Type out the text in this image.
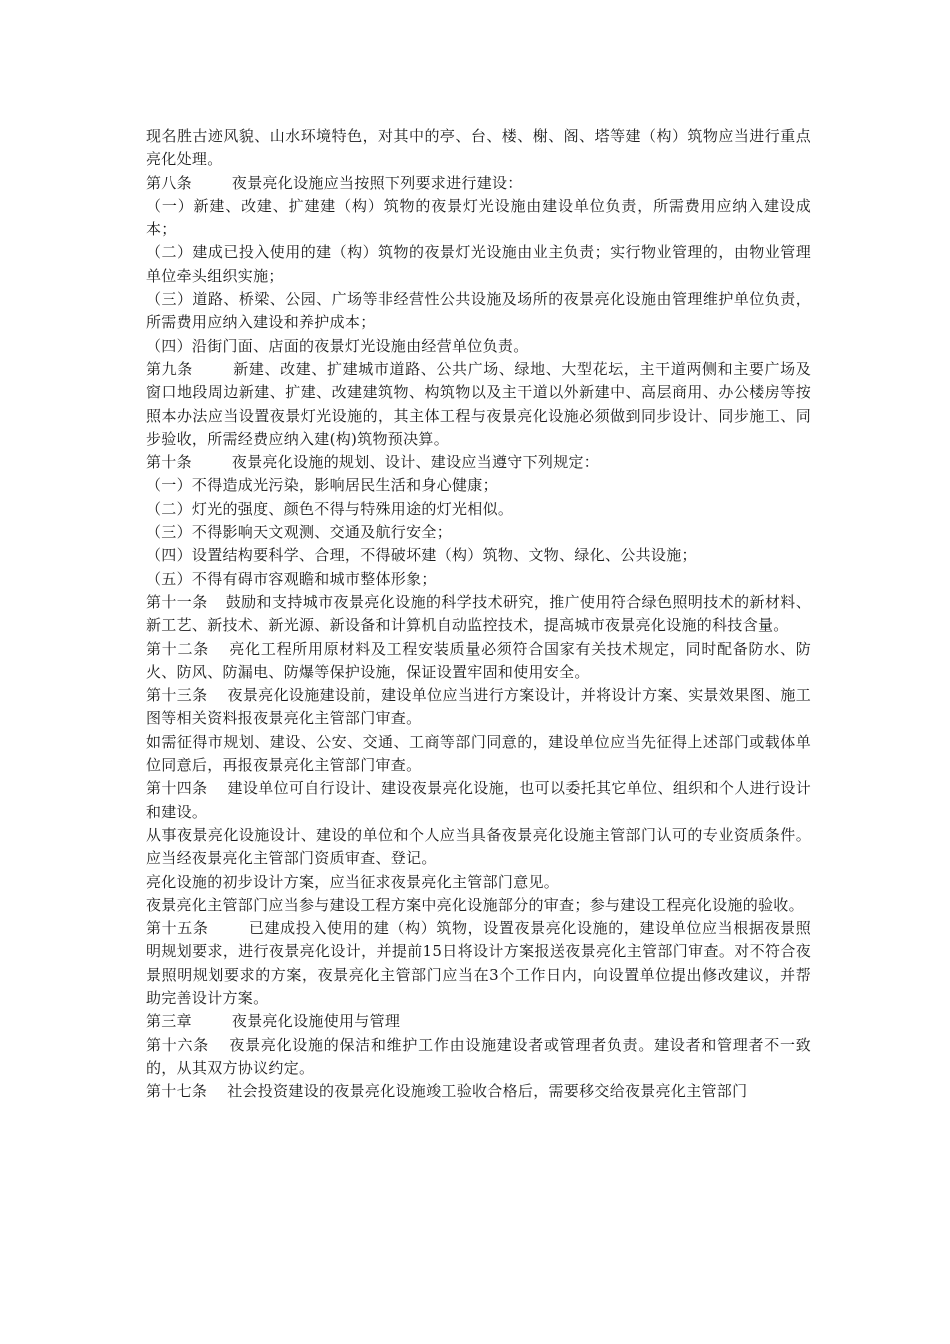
现名胜古迹风貌、山水环境特色，对其中的亭、台、楼、榭、阁、塔等建（构）筑物应当进行重点亮化处理。

第八条	夜景亮化设施应当按照下列要求进行建设：

（一）新建、改建、扩建建（构）筑物的夜景灯光设施由建设单位负责，所需费用应纳入建设成本；

（二）建成已投入使用的建（构）筑物的夜景灯光设施由业主负责；实行物业管理的，由物业管理单位牵头组织实施；

（三）道路、桥梁、公园、广场等非经营性公共设施及场所的夜景亮化设施由管理维护单位负责，所需费用应纳入建设和养护成本；

（四）沿街门面、店面的夜景灯光设施由经营单位负责。

第九条	新建、改建、扩建城市道路、公共广场、绿地、大型花坛，主干道两侧和主要广场及窗口地段周边新建、扩建、改建建筑物、构筑物以及主干道以外新建中、高层商用、办公楼房等按照本办法应当设置夜景灯光设施的，其主体工程与夜景亮化设施必须做到同步设计、同步施工、同步验收，所需经费应纳入建(构)筑物预决算。

第十条	夜景亮化设施的规划、设计、建设应当遵守下列规定：

（一）不得造成光污染，影响居民生活和身心健康；

（二）灯光的强度、颜色不得与特殊用途的灯光相似。

（三）不得影响天文观测、交通及航行安全；

（四）设置结构要科学、合理，不得破坏建（构）筑物、文物、绿化、公共设施；

（五）不得有碍市容观瞻和城市整体形象；

第十一条 鼓励和支持城市夜景亮化设施的科学技术研究，推广使用符合绿色照明技术的新材料、新工艺、新技术、新光源、新设备和计算机自动监控技术，提高城市夜景亮化设施的科技含量。

第十二条 亮化工程所用原材料及工程安装质量必须符合国家有关技术规定，同时配备防水、防火、防风、防漏电、防爆等保护设施，保证设置牢固和使用安全。

第十三条 夜景亮化设施建设前，建设单位应当进行方案设计，并将设计方案、实景效果图、施工图等相关资料报夜景亮化主管部门审查。

如需征得市规划、建设、公安、交通、工商等部门同意的，建设单位应当先征得上述部门或载体单位同意后，再报夜景亮化主管部门审查。

第十四条 建设单位可自行设计、建设夜景亮化设施，也可以委托其它单位、组织和个人进行设计和建设。

从事夜景亮化设施设计、建设的单位和个人应当具备夜景亮化设施主管部门认可的专业资质条件。应当经夜景亮化主管部门资质审查、登记。

亮化设施的初步设计方案，应当征求夜景亮化主管部门意见。

夜景亮化主管部门应当参与建设工程方案中亮化设施部分的审查；参与建设工程亮化设施的验收。

第十五条	已建成投入使用的建（构）筑物，设置夜景亮化设施的，建设单位应当根据夜景照明规划要求，进行夜景亮化设计，并提前15日将设计方案报送夜景亮化主管部门审查。对不符合夜景照明规划要求的方案，夜景亮化主管部门应当在3个工作日内，向设置单位提出修改建议，并帮助完善设计方案。

第三章	夜景亮化设施使用与管理

第十六条 夜景亮化设施的保洁和维护工作由设施建设者或管理者负责。建设者和管理者不一致的，从其双方协议约定。

第十七条 社会投资建设的夜景亮化设施竣工验收合格后，需要移交给夜景亮化主管部门
